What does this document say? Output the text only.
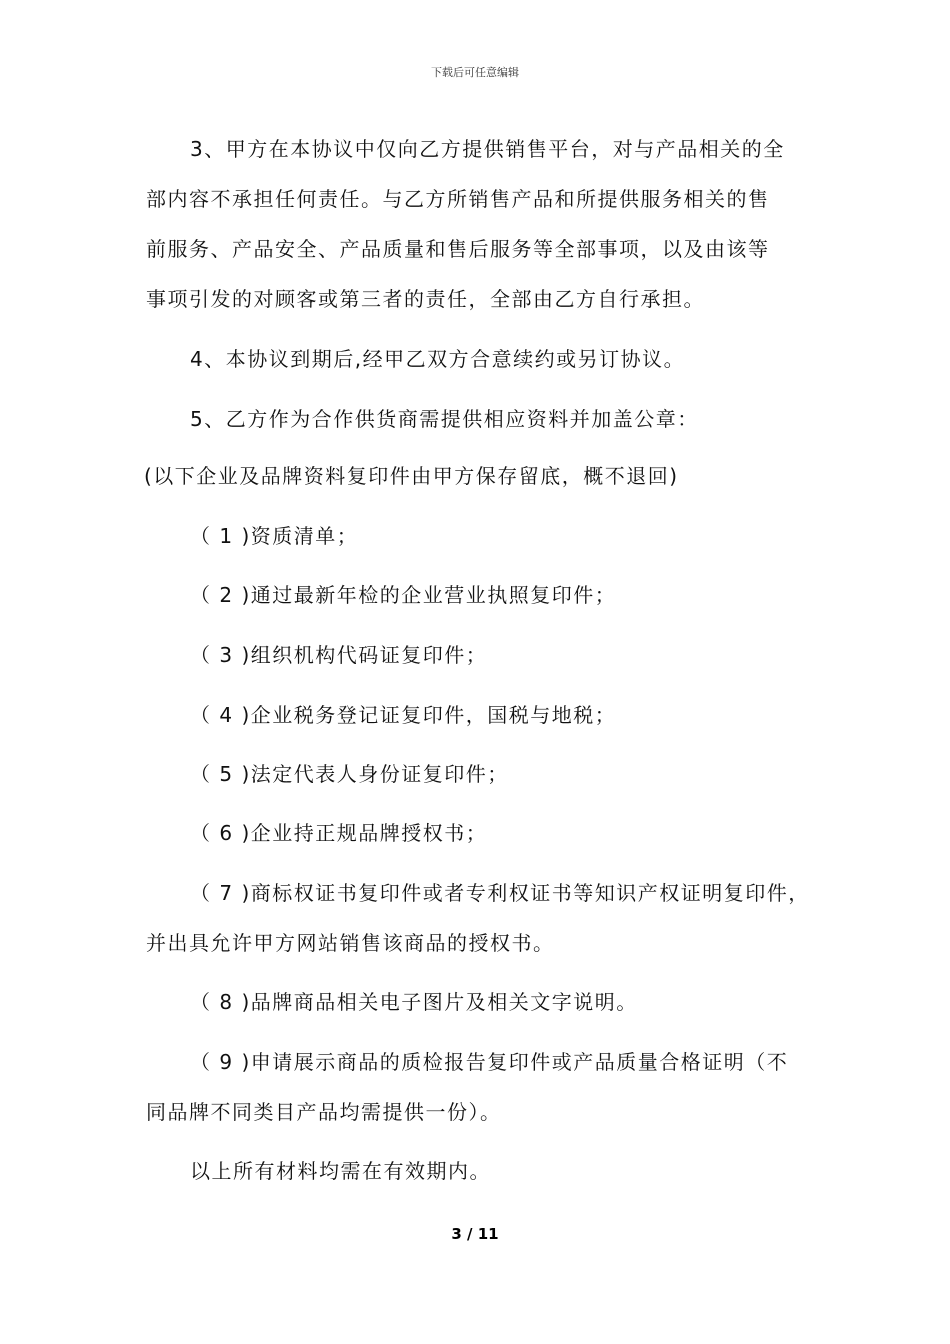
下载后可任意编辑
3、甲方在本协议中仅向乙方提供销售平台，对与产品相关的全
部内容不承担任何责任。与乙方所销售产品和所提供服务相关的售
前服务、产品安全、产品质量和售后服务等全部事项，以及由该等
事项引发的对顾客或第三者的责任，全部由乙方自行承担。
4、本协议到期后,经甲乙双方合意续约或另订协议。
5、乙方作为合作供货商需提供相应资料并加盖公章：
(以下企业及品牌资料复印件由甲方保存留底，概不退回)
（ 1 )资质清单；
（ 2 )通过最新年检的企业营业执照复印件；
（ 3 )组织机构代码证复印件；
（ 4 )企业税务登记证复印件，国税与地税；
（ 5 )法定代表人身份证复印件；
（ 6 )企业持正规品牌授权书；
（ 7 )商标权证书复印件或者专利权证书等知识产权证明复印件，
并出具允许甲方网站销售该商品的授权书。
（ 8 )品牌商品相关电子图片及相关文字说明。
（ 9 )申请展示商品的质检报告复印件或产品质量合格证明（不
同品牌不同类目产品均需提供一份）。
以上所有材料均需在有效期内。
3 / 11
